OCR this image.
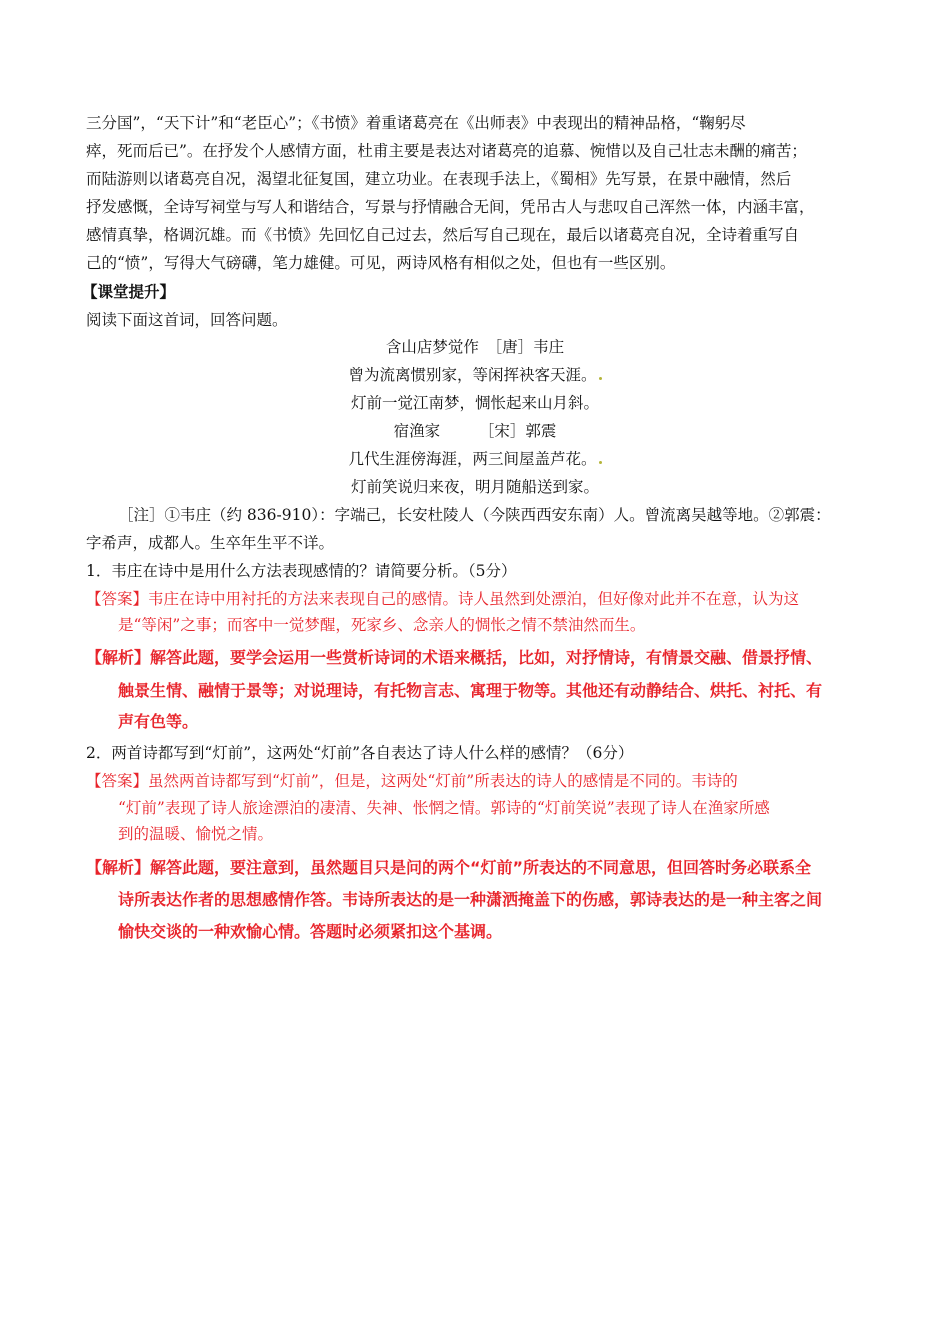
三分国”，“天下计”和“老臣心”；《书愤》着重诸葛亮在《出师表》中表现出的精神品格，“鞠躬尽
瘁，死而后已”。在抒发个人感情方面，杜甫主要是表达对诸葛亮的追慕、惋惜以及自己壮志未酬的痛苦；
而陆游则以诸葛亮自况，渴望北征复国，建立功业。在表现手法上，《蜀相》先写景，在景中融情，然后
抒发感慨，全诗写祠堂与写人和谐结合，写景与抒情融合无间，凭吊古人与悲叹自己浑然一体，内涵丰富，
感情真挚，格调沉雄。而《书愤》先回忆自己过去，然后写自己现在，最后以诸葛亮自况，全诗着重写自
己的“愤”，写得大气磅礴，笔力雄健。可见，两诗风格有相似之处，但也有一些区别。
【课堂提升】
阅读下面这首词，回答问题。
含山店梦觉作　［唐］韦庄
曾为流离惯别家，等闲挥袂客天涯。
灯前一觉江南梦，惆怅起来山月斜。
宿渔家　　　［宋］郭震
几代生涯傍海涯，两三间屋盖芦花。
灯前笑说归来夜，明月随船送到家。
［注］①韦庄（约 836-910）：字端己，长安杜陵人（今陕西西安东南）人。曾流离吴越等地。②郭震：
字希声，成都人。生卒年生平不详。
1．韦庄在诗中是用什么方法表现感情的？请简要分析。（5分）
【答案】韦庄在诗中用衬托的方法来表现自己的感情。诗人虽然到处漂泊，但好像对此并不在意，认为这
是“等闲”之事；而客中一觉梦醒，死家乡、念亲人的惆怅之情不禁油然而生。
【解析】解答此题，要学会运用一些赏析诗词的术语来概括，比如，对抒情诗，有情景交融、借景抒情、
触景生情、融情于景等；对说理诗，有托物言志、寓理于物等。其他还有动静结合、烘托、衬托、有
声有色等。
2．两首诗都写到“灯前”，这两处“灯前”各自表达了诗人什么样的感情？（6分）
【答案】虽然两首诗都写到“灯前”，但是，这两处“灯前”所表达的诗人的感情是不同的。韦诗的
“灯前”表现了诗人旅途漂泊的凄清、失神、怅惘之情。郭诗的“灯前笑说”表现了诗人在渔家所感
到的温暖、愉悦之情。
【解析】解答此题，要注意到，虽然题目只是问的两个“灯前”所表达的不同意思，但回答时务必联系全
诗所表达作者的思想感情作答。韦诗所表达的是一种潇洒掩盖下的伤感，郭诗表达的是一种主客之间
愉快交谈的一种欢愉心情。答题时必须紧扣这个基调。
